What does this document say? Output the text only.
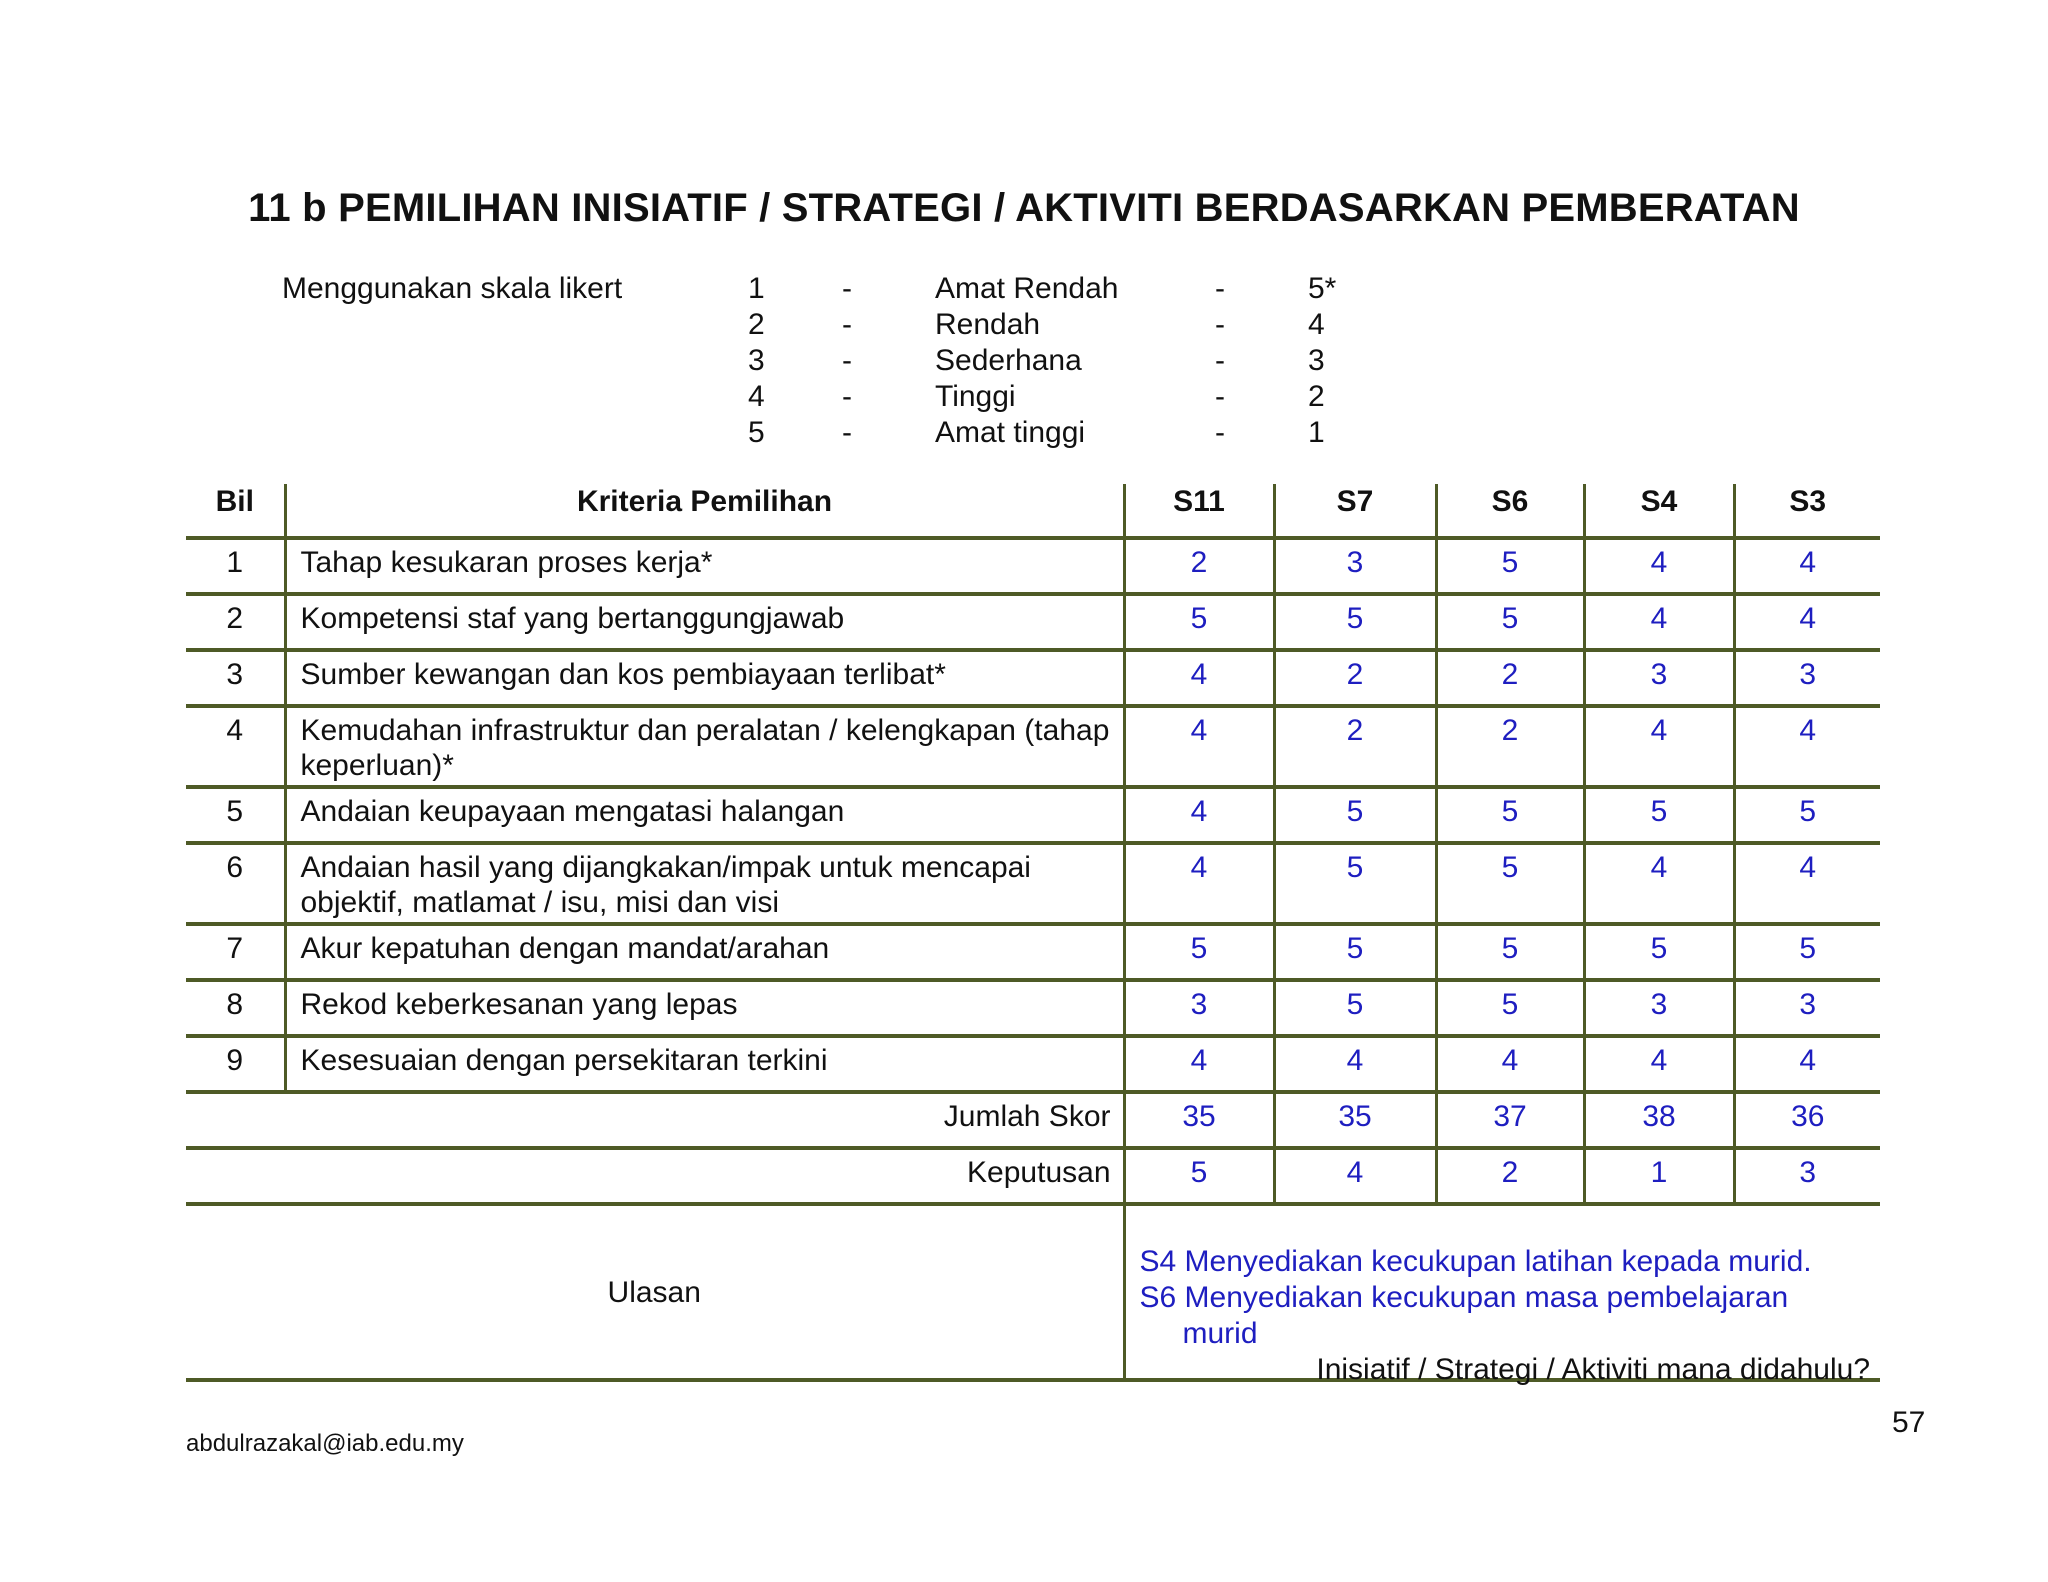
11 b PEMILIHAN INISIATIF / STRATEGI / AKTIVITI BERDASARKAN PEMBERATAN
Menggunakan skala likert	1	-	Amat Rendah	-	5*
2	-	Rendah	-	4
3	-	Sederhana	-	3
4	-	Tinggi	-	2
5	-	Amat tinggi	-	1
Bil	Kriteria Pemilihan	S11	S7	S6	S4	S3
1	Tahap kesukaran proses kerja*	2	3	5	4	4
2	Kompetensi staf yang bertanggungjawab	5	5	5	4	4
3	Sumber kewangan dan kos pembiayaan terlibat*	4	2	2	3	3
4	Kemudahan infrastruktur dan peralatan / kelengkapan (tahap keperluan)*	4	2	2	4	4
5	Andaian keupayaan mengatasi halangan	4	5	5	5	5
6	Andaian hasil yang dijangkakan/impak untuk mencapai objektif, matlamat / isu, misi dan visi	4	5	5	4	4
7	Akur kepatuhan dengan mandat/arahan	5	5	5	5	5
8	Rekod keberkesanan yang lepas	3	5	5	3	3
9	Kesesuaian dengan persekitaran terkini	4	4	4	4	4
Jumlah Skor		35	35	37	38	36
Keputusan		5	4	2	1	3
Ulasan		S4 Menyediakan kecukupan latihan kepada murid.
S6 Menyediakan kecukupan masa pembelajaran
murid
Inisiatif / Strategi / Aktiviti mana didahulu?				
abdulrazakal@iab.edu.my
57
